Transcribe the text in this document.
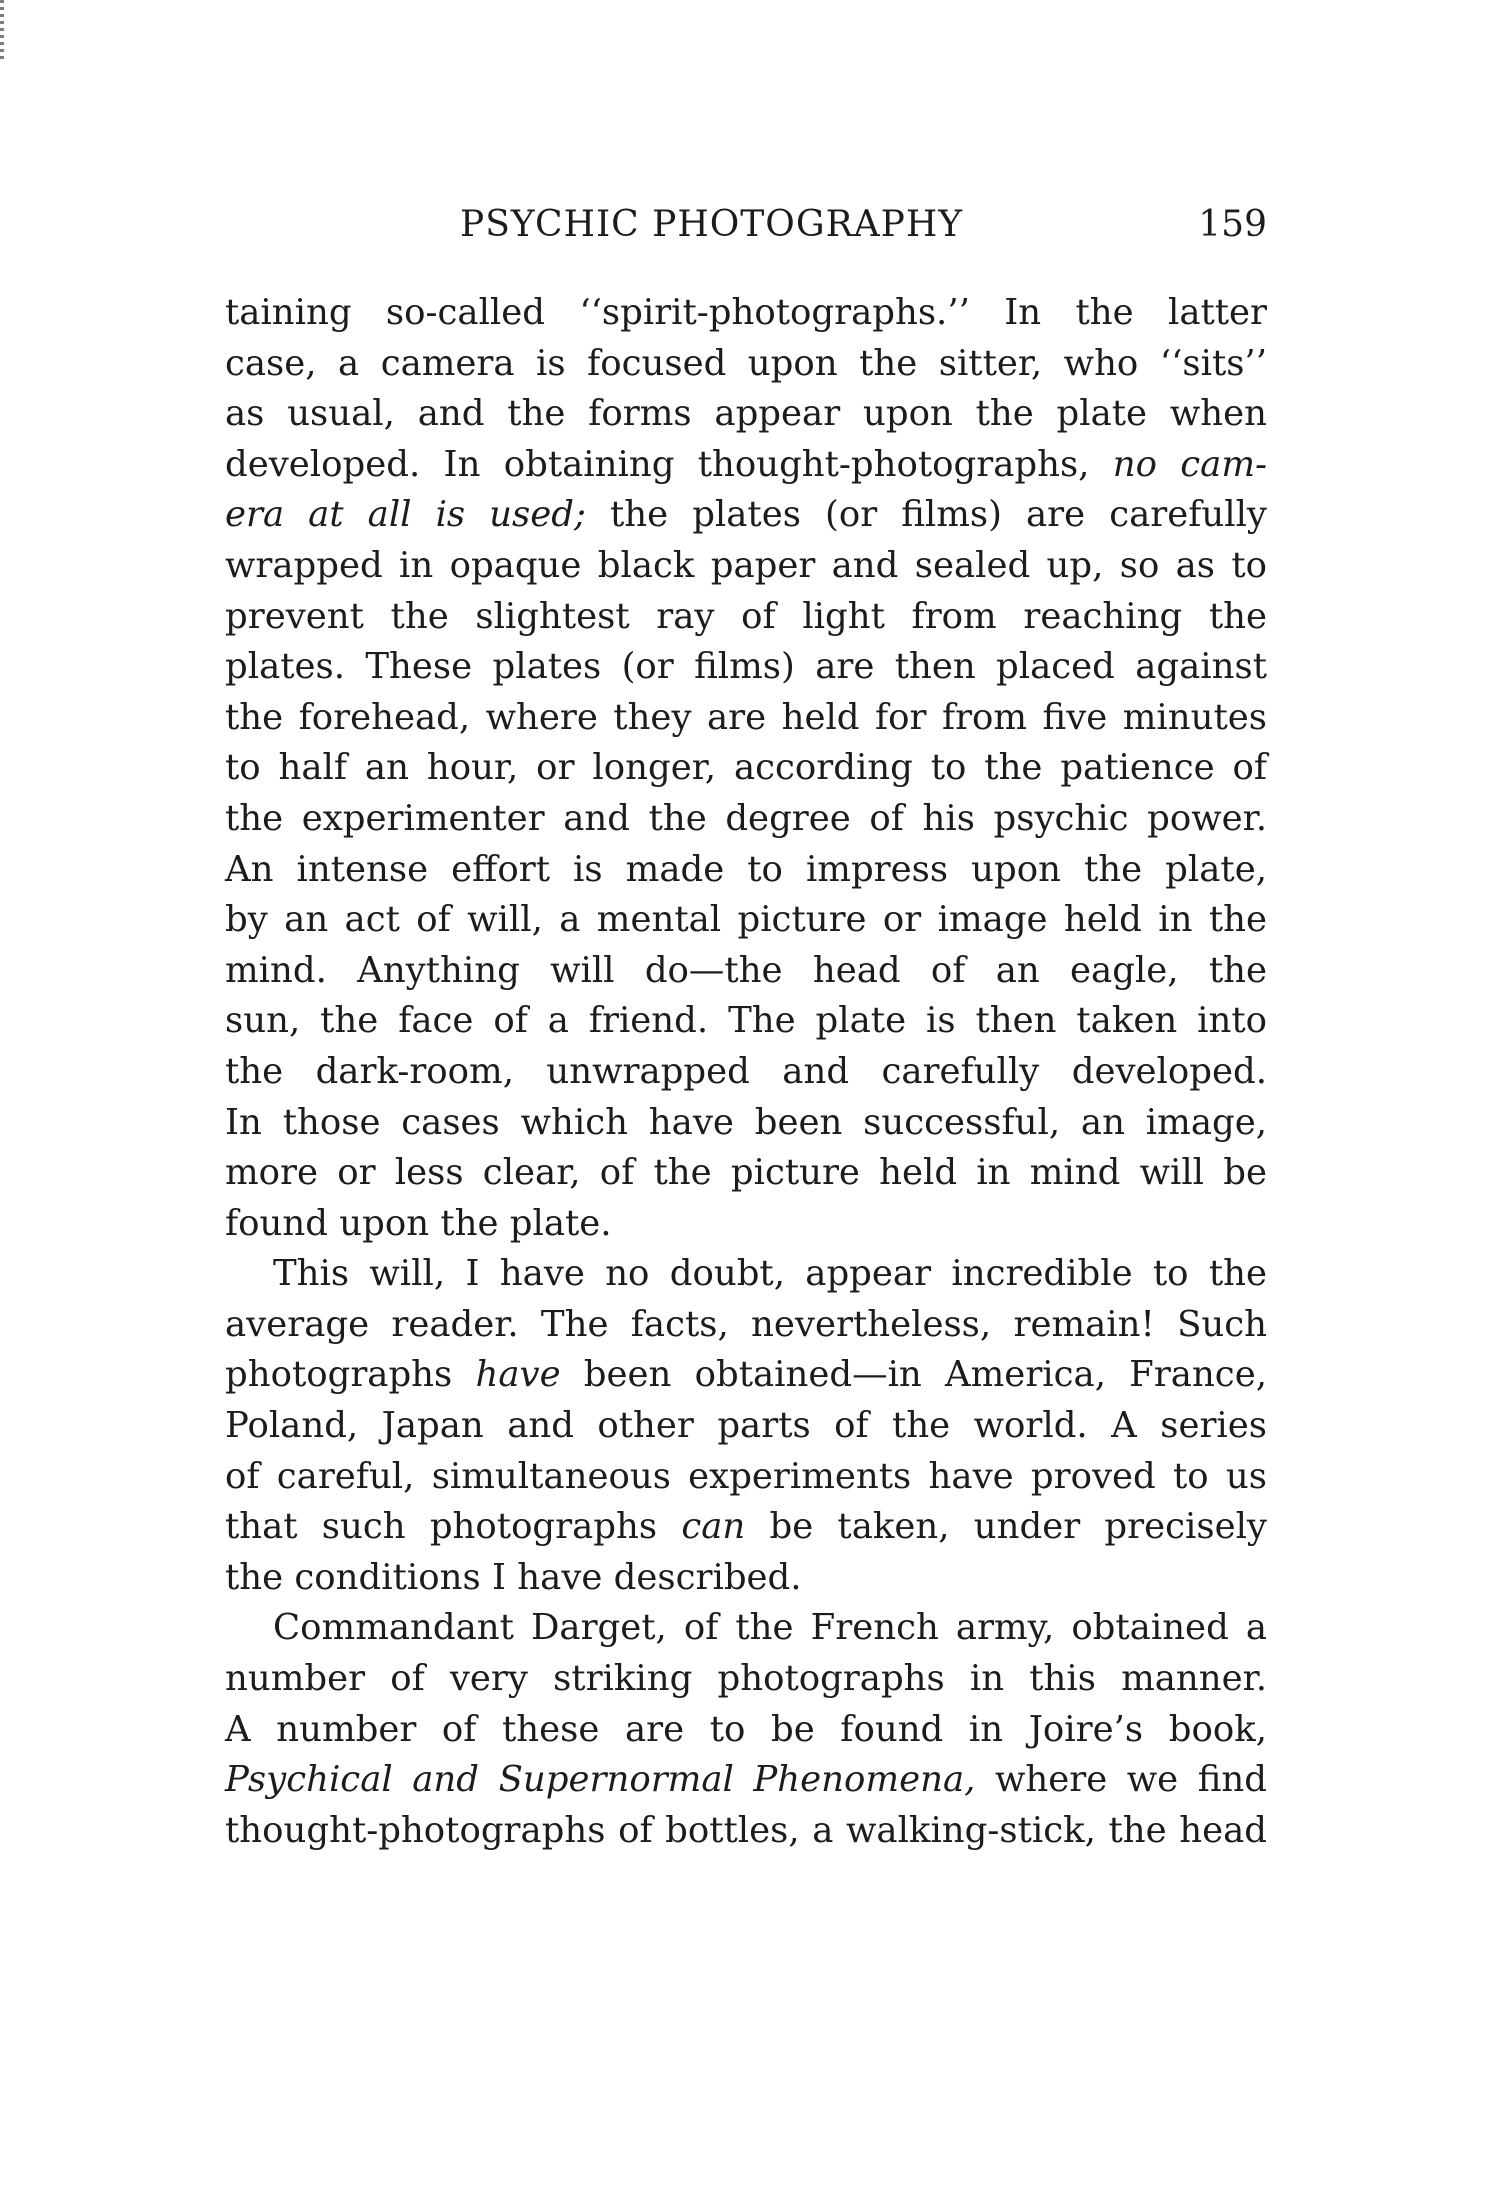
PSYCHIC PHOTOGRAPHY	159
taining so-called ‘‘spirit-photographs.’’ In the latter
case, a camera is focused upon the sitter, who ‘‘sits’’
as usual, and the forms appear upon the plate when
developed. In obtaining thought-photographs, no cam-
era at all is used; the plates (or films) are carefully
wrapped in opaque black paper and sealed up, so as to
prevent the slightest ray of light from reaching the
plates. These plates (or films) are then placed against
the forehead, where they are held for from five minutes
to half an hour, or longer, according to the patience of
the experimenter and the degree of his psychic power.
An intense effort is made to impress upon the plate,
by an act of will, a mental picture or image held in the
mind. Anything will do—the head of an eagle, the
sun, the face of a friend. The plate is then taken into
the dark-room, unwrapped and carefully developed.
In those cases which have been successful, an image,
more or less clear, of the picture held in mind will be
found upon the plate.
This will, I have no doubt, appear incredible to the
average reader. The facts, nevertheless, remain! Such
photographs have been obtained—in America, France,
Poland, Japan and other parts of the world. A series
of careful, simultaneous experiments have proved to us
that such photographs can be taken, under precisely
the conditions I have described.
Commandant Darget, of the French army, obtained a
number of very striking photographs in this manner.
A number of these are to be found in Joire’s book,
Psychical and Supernormal Phenomena, where we find
thought-photographs of bottles, a walking-stick, the head
